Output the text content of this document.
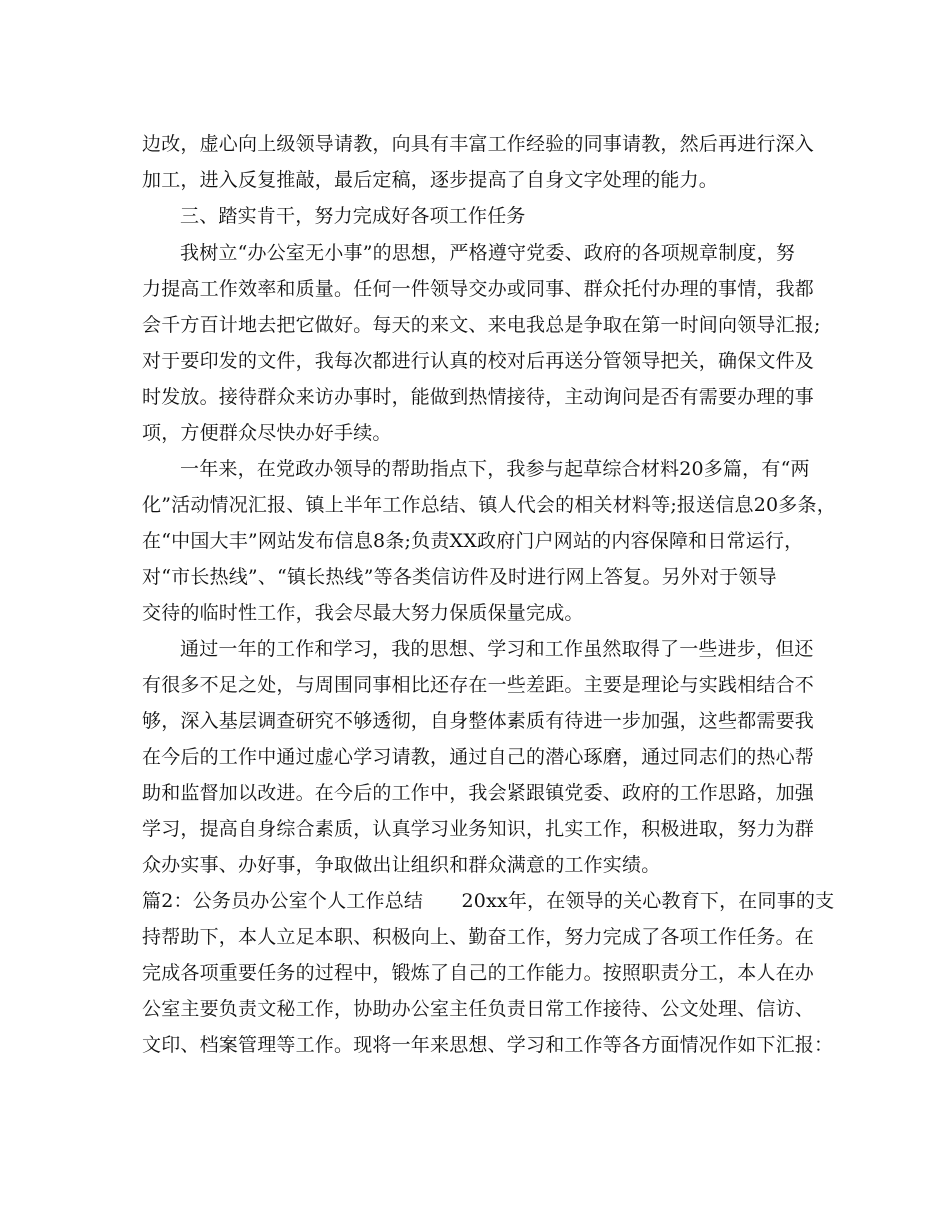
边改，虚心向上级领导请教，向具有丰富工作经验的同事请教，然后再进行深入
加工，进入反复推敲，最后定稿，逐步提高了自身文字处理的能力。
三、踏实肯干，努力完成好各项工作任务
我树立“办公室无小事”的思想，严格遵守党委、政府的各项规章制度，努
力提高工作效率和质量。任何一件领导交办或同事、群众托付办理的事情，我都
会千方百计地去把它做好。每天的来文、来电我总是争取在第一时间向领导汇报;
对于要印发的文件，我每次都进行认真的校对后再送分管领导把关，确保文件及
时发放。接待群众来访办事时，能做到热情接待，主动询问是否有需要办理的事
项，方便群众尽快办好手续。
一年来，在党政办领导的帮助指点下，我参与起草综合材料20多篇，有“两
化”活动情况汇报、镇上半年工作总结、镇人代会的相关材料等;报送信息20多条，
在“中国大丰”网站发布信息8条;负责XX政府门户网站的内容保障和日常运行，
对“市长热线”、“镇长热线”等各类信访件及时进行网上答复。另外对于领导
交待的临时性工作，我会尽最大努力保质保量完成。
通过一年的工作和学习，我的思想、学习和工作虽然取得了一些进步，但还
有很多不足之处，与周围同事相比还存在一些差距。主要是理论与实践相结合不
够，深入基层调查研究不够透彻，自身整体素质有待进一步加强，这些都需要我
在今后的工作中通过虚心学习请教，通过自己的潜心琢磨，通过同志们的热心帮
助和监督加以改进。在今后的工作中，我会紧跟镇党委、政府的工作思路，加强
学习，提高自身综合素质，认真学习业务知识，扎实工作，积极进取，努力为群
众办实事、办好事，争取做出让组织和群众满意的工作实绩。
篇2：公务员办公室个人工作总结　　20xx年，在领导的关心教育下，在同事的支
持帮助下，本人立足本职、积极向上、勤奋工作，努力完成了各项工作任务。在
完成各项重要任务的过程中，锻炼了自己的工作能力。按照职责分工，本人在办
公室主要负责文秘工作，协助办公室主任负责日常工作接待、公文处理、信访、
文印、档案管理等工作。现将一年来思想、学习和工作等各方面情况作如下汇报：
